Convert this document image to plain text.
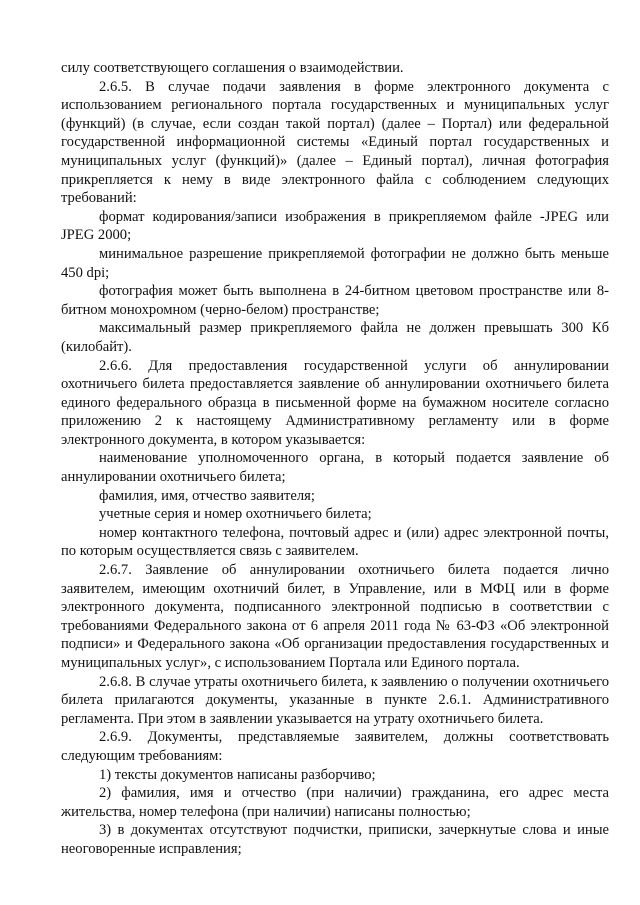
силу соответствующего соглашения о взаимодействии.

2.6.5. В случае подачи заявления в форме электронного документа с использованием регионального портала государственных и муниципальных услуг (функций) (в случае, если создан такой портал) (далее – Портал) или федеральной государственной информационной системы «Единый портал государственных и муниципальных услуг (функций)» (далее – Единый портал), личная фотография прикрепляется к нему в виде электронного файла с соблюдением следующих требований:

формат кодирования/записи изображения в прикрепляемом файле -JPEG или JPEG 2000;

минимальное разрешение прикрепляемой фотографии не должно быть меньше 450 dpi;

фотография может быть выполнена в 24-битном цветовом пространстве или 8-битном монохромном (черно-белом) пространстве;

максимальный размер прикрепляемого файла не должен превышать 300 Кб (килобайт).

2.6.6. Для предоставления государственной услуги об аннулировании охотничьего билета предоставляется заявление об аннулировании охотничьего билета единого федерального образца в письменной форме на бумажном носителе согласно приложению 2 к настоящему Административному регламенту или в форме электронного документа, в котором указывается:

наименование уполномоченного органа, в который подается заявление об аннулировании охотничьего билета;

фамилия, имя, отчество заявителя;

учетные серия и номер охотничьего билета;

номер контактного телефона, почтовый адрес и (или) адрес электронной почты, по которым осуществляется связь с заявителем.

2.6.7. Заявление об аннулировании охотничьего билета подается лично заявителем, имеющим охотничий билет, в Управление, или в МФЦ или в форме электронного документа, подписанного электронной подписью в соответствии с требованиями Федерального закона от 6 апреля 2011 года № 63-ФЗ «Об электронной подписи» и Федерального закона «Об организации предоставления государственных и муниципальных услуг», с использованием Портала или Единого портала.

2.6.8. В случае утраты охотничьего билета, к заявлению о получении охотничьего билета прилагаются документы, указанные в пункте 2.6.1. Административного регламента. При этом в заявлении указывается на утрату охотничьего билета.

2.6.9. Документы, представляемые заявителем, должны соответствовать следующим требованиям:

1) тексты документов написаны разборчиво;

2) фамилия, имя и отчество (при наличии) гражданина, его адрес места жительства, номер телефона (при наличии) написаны полностью;

3) в документах отсутствуют подчистки, приписки, зачеркнутые слова и иные неоговоренные исправления;
